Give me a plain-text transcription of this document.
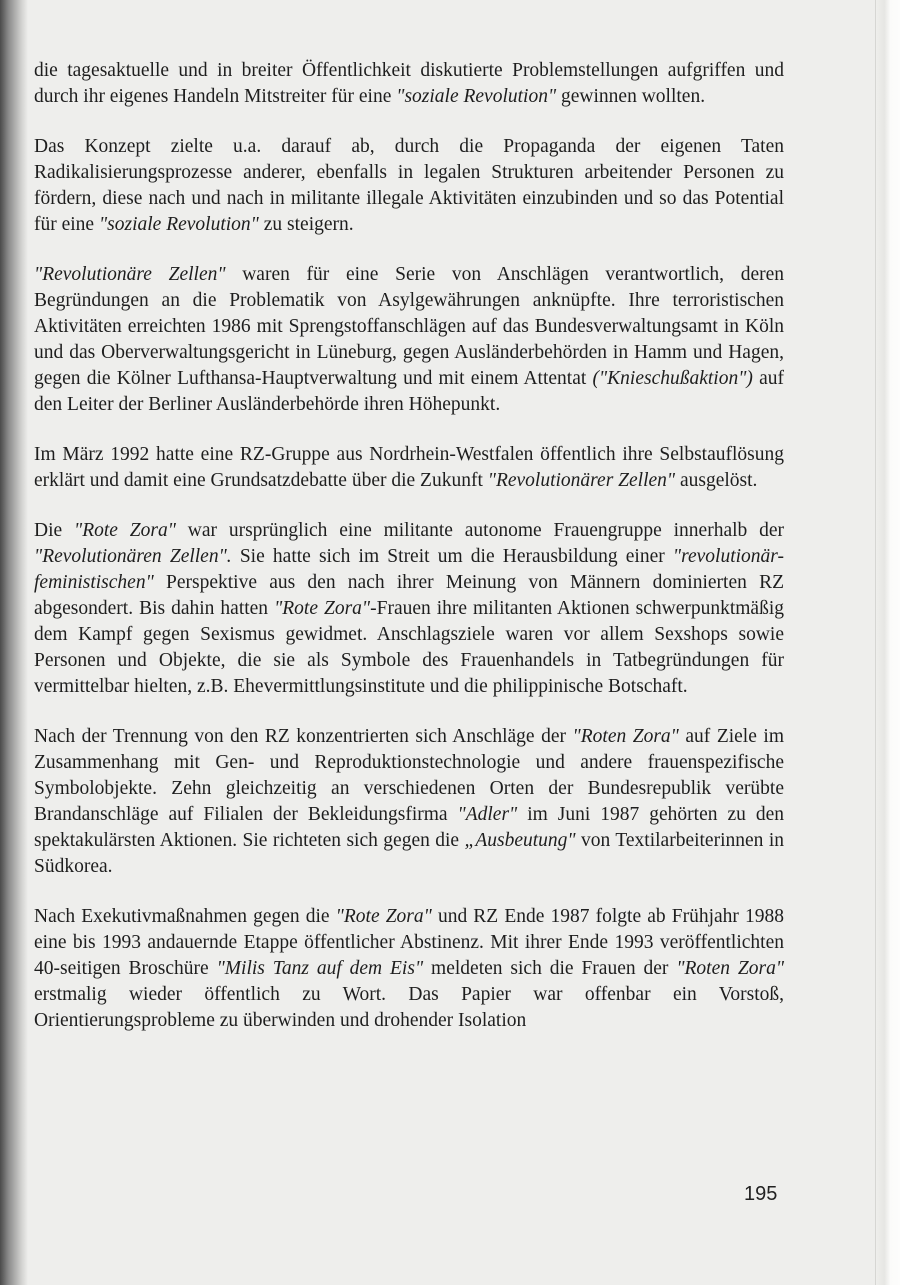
die tagesaktuelle und in breiter Öffentlichkeit diskutierte Problemstellungen aufgriffen und durch ihr eigenes Handeln Mitstreiter für eine "soziale Revolution" gewinnen wollten.

Das Konzept zielte u.a. darauf ab, durch die Propaganda der eigenen Taten Radikalisierungsprozesse anderer, ebenfalls in legalen Strukturen arbeitender Personen zu fördern, diese nach und nach in militante illegale Aktivitäten einzubinden und so das Potential für eine "soziale Revolution" zu steigern.

"Revolutionäre Zellen" waren für eine Serie von Anschlägen verantwortlich, deren Begründungen an die Problematik von Asylgewährungen anknüpfte. Ihre terroristischen Aktivitäten erreichten 1986 mit Sprengstoffanschlägen auf das Bundesverwaltungsamt in Köln und das Oberverwaltungsgericht in Lüneburg, gegen Ausländerbehörden in Hamm und Hagen, gegen die Kölner Lufthansa-Hauptverwaltung und mit einem Attentat ("Knieschußaktion") auf den Leiter der Berliner Ausländerbehörde ihren Höhepunkt.

Im März 1992 hatte eine RZ-Gruppe aus Nordrhein-Westfalen öffentlich ihre Selbstauflösung erklärt und damit eine Grundsatzdebatte über die Zukunft "Revolutionärer Zellen" ausgelöst.

Die "Rote Zora" war ursprünglich eine militante autonome Frauengruppe innerhalb der "Revolutionären Zellen". Sie hatte sich im Streit um die Herausbildung einer "revolutionär-feministischen" Perspektive aus den nach ihrer Meinung von Männern dominierten RZ abgesondert. Bis dahin hatten "Rote Zora"-Frauen ihre militanten Aktionen schwerpunktmäßig dem Kampf gegen Sexismus gewidmet. Anschlagsziele waren vor allem Sexshops sowie Personen und Objekte, die sie als Symbole des Frauenhandels in Tatbegründungen für vermittelbar hielten, z.B. Ehevermittlungsinstitute und die philippinische Botschaft.

Nach der Trennung von den RZ konzentrierten sich Anschläge der "Roten Zora" auf Ziele im Zusammenhang mit Gen- und Reproduktionstechnologie und andere frauenspezifische Symbolobjekte. Zehn gleichzeitig an verschiedenen Orten der Bundesrepublik verübte Brandanschläge auf Filialen der Bekleidungsfirma "Adler" im Juni 1987 gehörten zu den spektakulärsten Aktionen. Sie richteten sich gegen die „Ausbeutung" von Textilarbeiterinnen in Südkorea.

Nach Exekutivmaßnahmen gegen die "Rote Zora" und RZ Ende 1987 folgte ab Frühjahr 1988 eine bis 1993 andauernde Etappe öffentlicher Abstinenz. Mit ihrer Ende 1993 veröffentlichten 40-seitigen Broschüre "Milis Tanz auf dem Eis" meldeten sich die Frauen der "Roten Zora" erstmalig wieder öffentlich zu Wort. Das Papier war offenbar ein Vorstoß, Orientierungsprobleme zu überwinden und drohender Isolation

195
